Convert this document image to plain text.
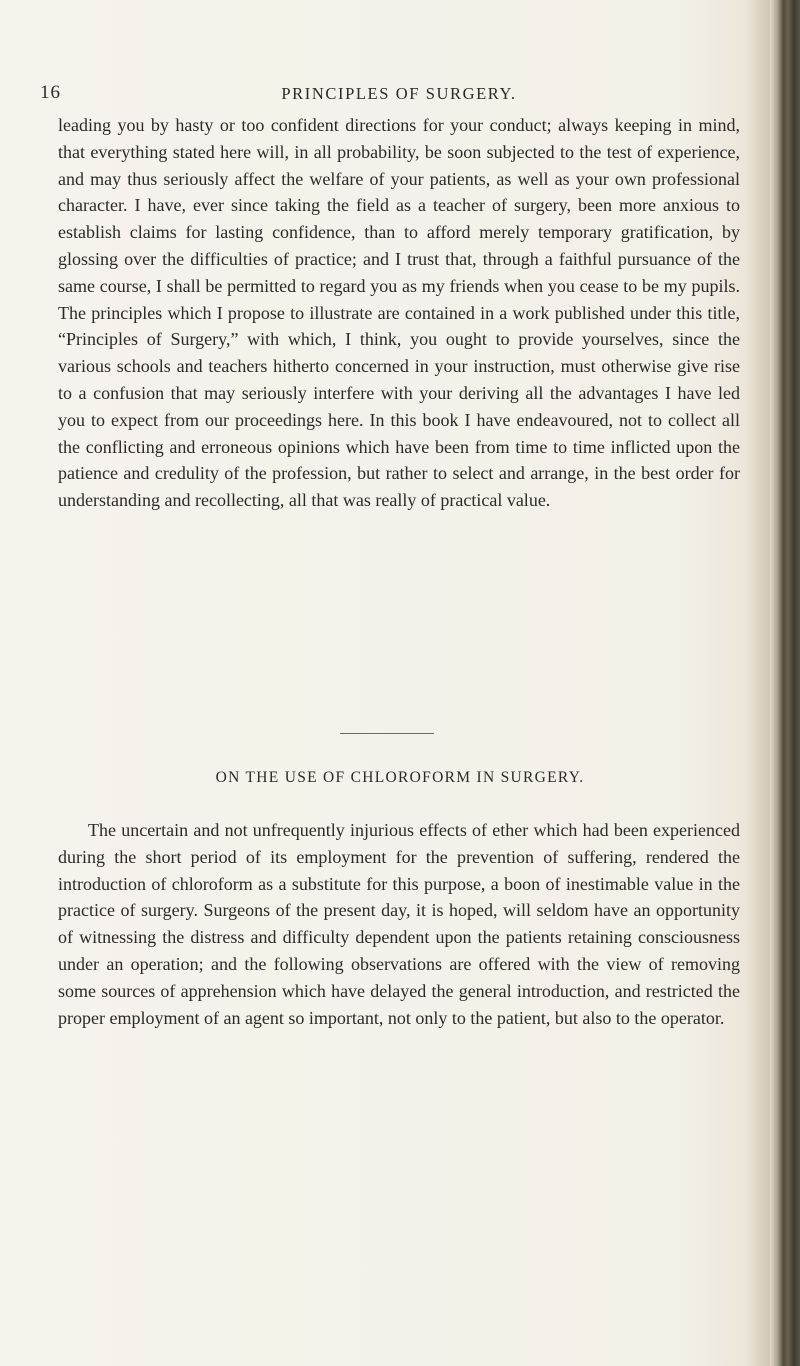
16	PRINCIPLES OF SURGERY.

leading you by hasty or too confident directions for your conduct; always keeping in mind, that everything stated here will, in all probability, be soon subjected to the test of experience, and may thus seriously affect the welfare of your patients, as well as your own professional character. I have, ever since taking the field as a teacher of surgery, been more anxious to establish claims for lasting confidence, than to afford merely temporary gratification, by glossing over the difficulties of practice; and I trust that, through a faithful pursuance of the same course, I shall be permitted to regard you as my friends when you cease to be my pupils. The principles which I propose to illustrate are contained in a work published under this title, “Principles of Surgery,” with which, I think, you ought to provide yourselves, since the various schools and teachers hitherto concerned in your instruction, must otherwise give rise to a confusion that may seriously interfere with your deriving all the advantages I have led you to expect from our proceedings here. In this book I have endeavoured, not to collect all the conflicting and erroneous opinions which have been from time to time inflicted upon the patience and credulity of the profession, but rather to select and arrange, in the best order for understanding and recollecting, all that was really of practical value.

ON THE USE OF CHLOROFORM IN SURGERY.

The uncertain and not unfrequently injurious effects of ether which had been experienced during the short period of its employment for the prevention of suffering, rendered the introduction of chloroform as a substitute for this purpose, a boon of inestimable value in the practice of surgery. Surgeons of the present day, it is hoped, will seldom have an opportunity of witnessing the distress and difficulty dependent upon the patients retaining consciousness under an operation; and the following observations are offered with the view of removing some sources of apprehension which have delayed the general introduction, and restricted the proper employment of an agent so important, not only to the patient, but also to the operator.
